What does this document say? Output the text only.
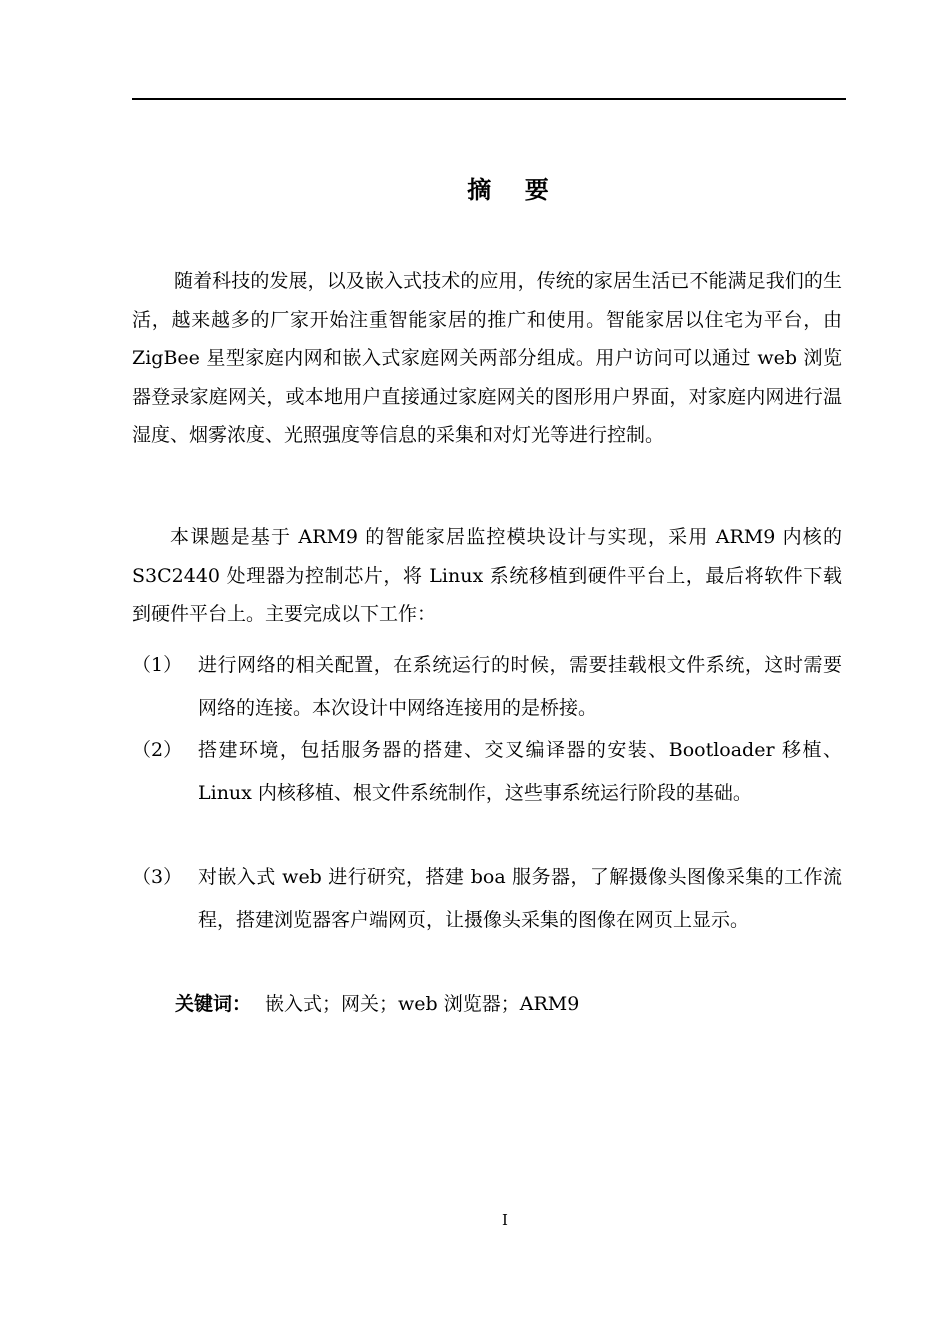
摘    要
随着科技的发展，以及嵌入式技术的应用，传统的家居生活已不能满足我们的生活，越来越多的厂家开始注重智能家居的推广和使用。智能家居以住宅为平台，由 ZigBee 星型家庭内网和嵌入式家庭网关两部分组成。用户访问可以通过 web 浏览器登录家庭网关，或本地用户直接通过家庭网关的图形用户界面，对家庭内网进行温湿度、烟雾浓度、光照强度等信息的采集和对灯光等进行控制。
本课题是基于 ARM9 的智能家居监控模块设计与实现，采用 ARM9 内核的 S3C2440 处理器为控制芯片，将 Linux 系统移植到硬件平台上，最后将软件下载到硬件平台上。主要完成以下工作：
（1） 进行网络的相关配置，在系统运行的时候，需要挂载根文件系统，这时需要网络的连接。本次设计中网络连接用的是桥接。
（2） 搭建环境，包括服务器的搭建、交叉编译器的安装、Bootloader 移植、Linux 内核移植、根文件系统制作，这些事系统运行阶段的基础。
（3） 对嵌入式 web 进行研究，搭建 boa 服务器，了解摄像头图像采集的工作流程，搭建浏览器客户端网页，让摄像头采集的图像在网页上显示。
关键词： 嵌入式；网关；web 浏览器；ARM9
I
